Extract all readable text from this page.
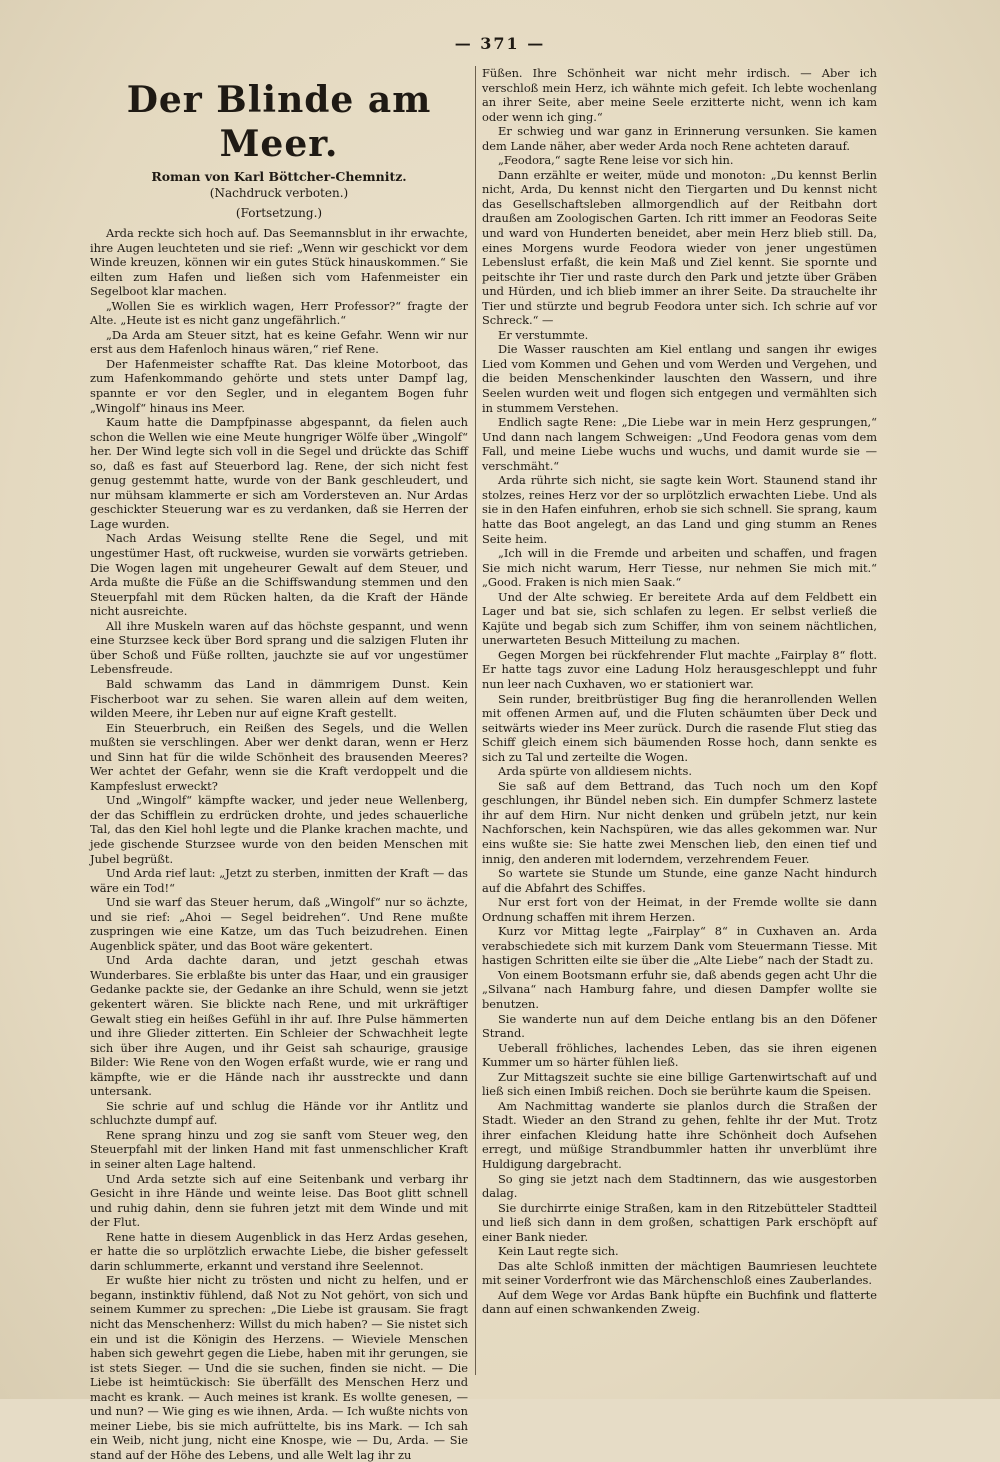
— 371 —
Der Blinde am Meer.
Roman von Karl Böttcher-Chemnitz.
(Nachdruck verboten.)
(Fortsetzung.)

Arda reckte sich hoch auf. Das Seemannsblut in ihr erwachte, ihre Augen leuchteten und sie rief: „Wenn wir geschickt vor dem Winde kreuzen, können wir ein gutes Stück hinauskommen.“ Sie eilten zum Hafen und ließen sich vom Hafenmeister ein Segelboot klar machen.

„Wollen Sie es wirklich wagen, Herr Professor?“ fragte der Alte. „Heute ist es nicht ganz ungefährlich.“

„Da Arda am Steuer sitzt, hat es keine Gefahr. Wenn wir nur erst aus dem Hafenloch hinaus wären,“ rief Rene.

Der Hafenmeister schaffte Rat. Das kleine Motorboot, das zum Hafenkommando gehörte und stets unter Dampf lag, spannte er vor den Segler, und in elegantem Bogen fuhr „Wingolf“ hinaus ins Meer.

Kaum hatte die Dampfpinasse abgespannt, da fielen auch schon die Wellen wie eine Meute hungriger Wölfe über „Wingolf“ her. Der Wind legte sich voll in die Segel und drückte das Schiff so, daß es fast auf Steuerbord lag. Rene, der sich nicht fest genug gestemmt hatte, wurde von der Bank geschleudert, und nur mühsam klammerte er sich am Vordersteven an. Nur Ardas geschickter Steuerung war es zu verdanken, daß sie Herren der Lage wurden.

Nach Ardas Weisung stellte Rene die Segel, und mit ungestümer Hast, oft ruckweise, wurden sie vorwärts getrieben. Die Wogen lagen mit ungeheurer Gewalt auf dem Steuer, und Arda mußte die Füße an die Schiffswandung stemmen und den Steuerpfahl mit dem Rücken halten, da die Kraft der Hände nicht ausreichte.

All ihre Muskeln waren auf das höchste gespannt, und wenn eine Sturzsee keck über Bord sprang und die salzigen Fluten ihr über Schoß und Füße rollten, jauchzte sie auf vor ungestümer Lebensfreude.

Bald schwamm das Land in dämmrigem Dunst. Kein Fischerboot war zu sehen. Sie waren allein auf dem weiten, wilden Meere, ihr Leben nur auf eigne Kraft gestellt.

Ein Steuerbruch, ein Reißen des Segels, und die Wellen mußten sie verschlingen. Aber wer denkt daran, wenn er Herz und Sinn hat für die wilde Schönheit des brausenden Meeres? Wer achtet der Gefahr, wenn sie die Kraft verdoppelt und die Kampfeslust erweckt?

Und „Wingolf“ kämpfte wacker, und jeder neue Wellenberg, der das Schifflein zu erdrücken drohte, und jedes schauerliche Tal, das den Kiel hohl legte und die Planke krachen machte, und jede gischende Sturzsee wurde von den beiden Menschen mit Jubel begrüßt.

Und Arda rief laut: „Jetzt zu sterben, inmitten der Kraft — das wäre ein Tod!“

Und sie warf das Steuer herum, daß „Wingolf“ nur so ächzte, und sie rief: „Ahoi — Segel beidrehen“. Und Rene mußte zuspringen wie eine Katze, um das Tuch beizudrehen. Einen Augenblick später, und das Boot wäre gekentert.

Und Arda dachte daran, und jetzt geschah etwas Wunderbares. Sie erblaßte bis unter das Haar, und ein grausiger Gedanke packte sie, der Gedanke an ihre Schuld, wenn sie jetzt gekentert wären. Sie blickte nach Rene, und mit urkräftiger Gewalt stieg ein heißes Gefühl in ihr auf. Ihre Pulse hämmerten und ihre Glieder zitterten. Ein Schleier der Schwachheit legte sich über ihre Augen, und ihr Geist sah schaurige, grausige Bilder: Wie Rene von den Wogen erfaßt wurde, wie er rang und kämpfte, wie er die Hände nach ihr ausstreckte und dann untersank.

Sie schrie auf und schlug die Hände vor ihr Antlitz und schluchzte dumpf auf.

Rene sprang hinzu und zog sie sanft vom Steuer weg, den Steuerpfahl mit der linken Hand mit fast unmenschlicher Kraft in seiner alten Lage haltend.

Und Arda setzte sich auf eine Seitenbank und verbarg ihr Gesicht in ihre Hände und weinte leise. Das Boot glitt schnell und ruhig dahin, denn sie fuhren jetzt mit dem Winde und mit der Flut.

Rene hatte in diesem Augenblick in das Herz Ardas gesehen, er hatte die so urplötzlich erwachte Liebe, die bisher gefesselt darin schlummerte, erkannt und verstand ihre Seelennot.

Er wußte hier nicht zu trösten und nicht zu helfen, und er begann, instinktiv fühlend, daß Not zu Not gehört, von sich und seinem Kummer zu sprechen: „Die Liebe ist grausam. Sie fragt nicht das Menschenherz: Willst du mich haben? — Sie nistet sich ein und ist die Königin des Herzens. — Wieviele Menschen haben sich gewehrt gegen die Liebe, haben mit ihr gerungen, sie ist stets Sieger. — Und die sie suchen, finden sie nicht. — Die Liebe ist heimtückisch: Sie überfällt des Menschen Herz und macht es krank. — Auch meines ist krank. Es wollte genesen, — und nun? — Wie ging es wie ihnen, Arda. — Ich wußte nichts von meiner Liebe, bis sie mich aufrüttelte, bis ins Mark. — Ich sah ein Weib, nicht jung, nicht eine Knospe, wie — Du, Arda. — Sie stand auf der Höhe des Lebens, und alle Welt lag ihr zu

Füßen. Ihre Schönheit war nicht mehr irdisch. — Aber ich verschloß mein Herz, ich wähnte mich gefeit. Ich lebte wochenlang an ihrer Seite, aber meine Seele erzitterte nicht, wenn ich kam oder wenn ich ging.“

Er schwieg und war ganz in Erinnerung versunken. Sie kamen dem Lande näher, aber weder Arda noch Rene achteten darauf.

„Feodora,“ sagte Rene leise vor sich hin.

Dann erzählte er weiter, müde und monoton: „Du kennst Berlin nicht, Arda, Du kennst nicht den Tiergarten und Du kennst nicht das Gesellschaftsleben allmorgendlich auf der Reitbahn dort draußen am Zoologischen Garten. Ich ritt immer an Feodoras Seite und ward von Hunderten beneidet, aber mein Herz blieb still. Da, eines Morgens wurde Feodora wieder von jener ungestümen Lebenslust erfaßt, die kein Maß und Ziel kennt. Sie spornte und peitschte ihr Tier und raste durch den Park und jetzte über Gräben und Hürden, und ich blieb immer an ihrer Seite. Da strauchelte ihr Tier und stürzte und begrub Feodora unter sich. Ich schrie auf vor Schreck.“ —

Er verstummte.

Die Wasser rauschten am Kiel entlang und sangen ihr ewiges Lied vom Kommen und Gehen und vom Werden und Vergehen, und die beiden Menschenkinder lauschten den Wassern, und ihre Seelen wurden weit und flogen sich entgegen und vermählten sich in stummem Verstehen.

Endlich sagte Rene: „Die Liebe war in mein Herz gesprungen,“ Und dann nach langem Schweigen: „Und Feodora genas vom dem Fall, und meine Liebe wuchs und wuchs, und damit wurde sie — verschmäht.“

Arda rührte sich nicht, sie sagte kein Wort. Staunend stand ihr stolzes, reines Herz vor der so urplötzlich erwachten Liebe. Und als sie in den Hafen einfuhren, erhob sie sich schnell. Sie sprang, kaum hatte das Boot angelegt, an das Land und ging stumm an Renes Seite heim.

„Ich will in die Fremde und arbeiten und schaffen, und fragen Sie mich nicht warum, Herr Tiesse, nur nehmen Sie mich mit.“ „Good. Fraken is nich mien Saak.“

Und der Alte schwieg. Er bereitete Arda auf dem Feldbett ein Lager und bat sie, sich schlafen zu legen. Er selbst verließ die Kajüte und begab sich zum Schiffer, ihm von seinem nächtlichen, unerwarteten Besuch Mitteilung zu machen.

Gegen Morgen bei rückfehrender Flut machte „Fairplay 8“ flott. Er hatte tags zuvor eine Ladung Holz herausgeschleppt und fuhr nun leer nach Cuxhaven, wo er stationiert war.

Sein runder, breitbrüstiger Bug fing die heranrollenden Wellen mit offenen Armen auf, und die Fluten schäumten über Deck und seitwärts wieder ins Meer zurück. Durch die rasende Flut stieg das Schiff gleich einem sich bäumenden Rosse hoch, dann senkte es sich zu Tal und zerteilte die Wogen.

Arda spürte von alldiesem nichts.

Sie saß auf dem Bettrand, das Tuch noch um den Kopf geschlungen, ihr Bündel neben sich. Ein dumpfer Schmerz lastete ihr auf dem Hirn. Nur nicht denken und grübeln jetzt, nur kein Nachforschen, kein Nachspüren, wie das alles gekommen war. Nur eins wußte sie: Sie hatte zwei Menschen lieb, den einen tief und innig, den anderen mit loderndem, verzehrendem Feuer.

So wartete sie Stunde um Stunde, eine ganze Nacht hindurch auf die Abfahrt des Schiffes.

Nur erst fort von der Heimat, in der Fremde wollte sie dann Ordnung schaffen mit ihrem Herzen.

Kurz vor Mittag legte „Fairplay“ 8“ in Cuxhaven an. Arda verabschiedete sich mit kurzem Dank vom Steuermann Tiesse. Mit hastigen Schritten eilte sie über die „Alte Liebe“ nach der Stadt zu.

Von einem Bootsmann erfuhr sie, daß abends gegen acht Uhr die „Silvana“ nach Hamburg fahre, und diesen Dampfer wollte sie benutzen.

Sie wanderte nun auf dem Deiche entlang bis an den Döfener Strand.

Ueberall fröhliches, lachendes Leben, das sie ihren eigenen Kummer um so härter fühlen ließ.

Zur Mittagszeit suchte sie eine billige Gartenwirtschaft auf und ließ sich einen Imbiß reichen. Doch sie berührte kaum die Speisen.

Am Nachmittag wanderte sie planlos durch die Straßen der Stadt. Wieder an den Strand zu gehen, fehlte ihr der Mut. Trotz ihrer einfachen Kleidung hatte ihre Schönheit doch Aufsehen erregt, und müßige Strandbummler hatten ihr unverblümt ihre Huldigung dargebracht.

So ging sie jetzt nach dem Stadtinnern, das wie ausgestorben dalag.

Sie durchirrte einige Straßen, kam in den Ritzebütteler Stadtteil und ließ sich dann in dem großen, schattigen Park erschöpft auf einer Bank nieder.

Kein Laut regte sich.

Das alte Schloß inmitten der mächtigen Baumriesen leuchtete mit seiner Vorderfront wie das Märchenschloß eines Zauberlandes.

Auf dem Wege vor Ardas Bank hüpfte ein Buchfink und flatterte dann auf einen schwankenden Zweig.
